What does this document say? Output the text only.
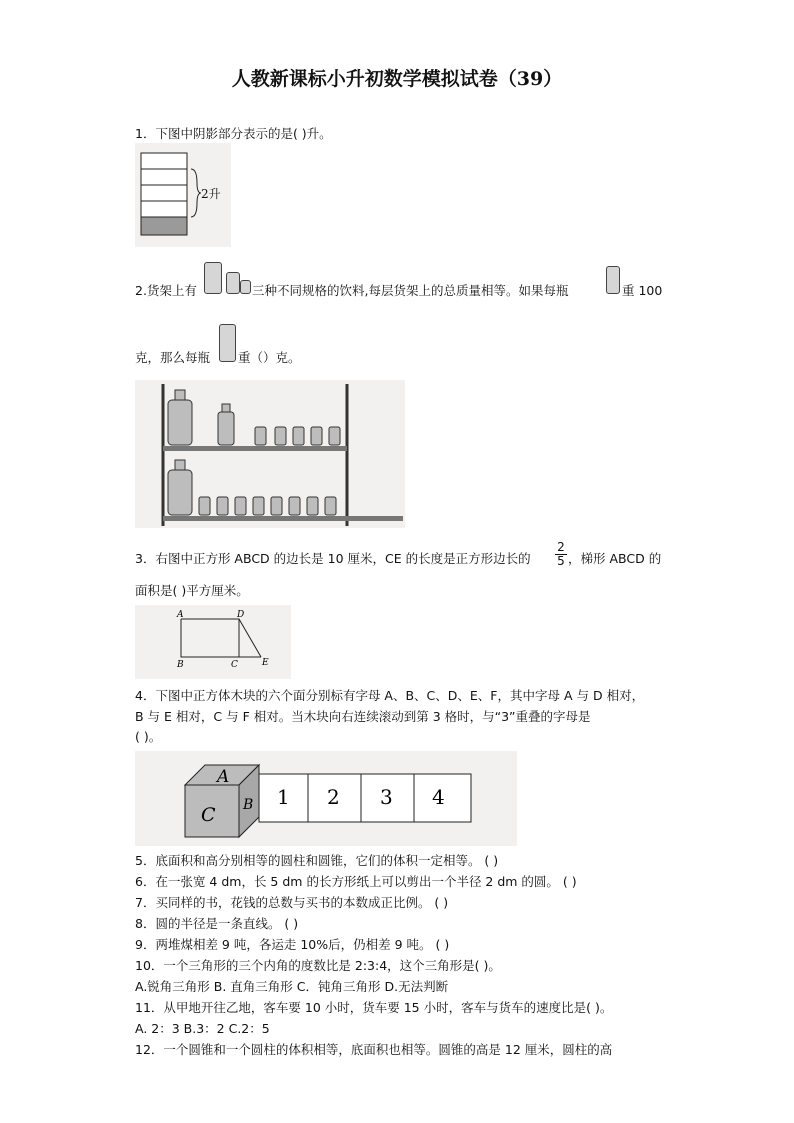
人教新课标小升初数学模拟试卷（39）
1．下图中阴影部分表示的是( )升。
2升
2.货架上有	三种不同规格的饮料,每层货架上的总质量相等。如果每瓶	重 100
克，那么每瓶 重（）克。
3．右图中正方形 ABCD 的边长是 10 厘米，CE 的长度是正方形边长的 $\frac{2}{5}$ ，梯形 ABCD 的
面积是( )平方厘米。
A
B	C
D
E
4．下图中正方体木块的六个面分别标有字母 A、B、C、D、E、F，其中字母 A 与 D 相对，
B 与 E 相对，C 与 F 相对。当木块向右连续滚动到第 3 格时，与“3”重叠的字母是
( )。
A
C B 1 2 3 4
5．底面积和高分别相等的圆柱和圆锥，它们的体积一定相等。 ( )
6．在一张宽 4 dm，长 5 dm 的长方形纸上可以剪出一个半径 2 dm 的圆。 ( )
7．买同样的书，花钱的总数与买书的本数成正比例。 ( )
8．圆的半径是一条直线。 ( )
9．两堆煤相差 9 吨，各运走 10%后，仍相差 9 吨。 ( )
10．一个三角形的三个内角的度数比是 2:3:4，这个三角形是( )。
A.锐角三角形 B. 直角三角形 C．钝角三角形 D.无法判断
11．从甲地开往乙地，客车要 10 小时，货车要 15 小时，客车与货车的速度比是( )。
A. 2：3 B.3：2 C.2：5
12．一个圆锥和一个圆柱的体积相等，底面积也相等。圆锥的高是 12 厘米，圆柱的高
